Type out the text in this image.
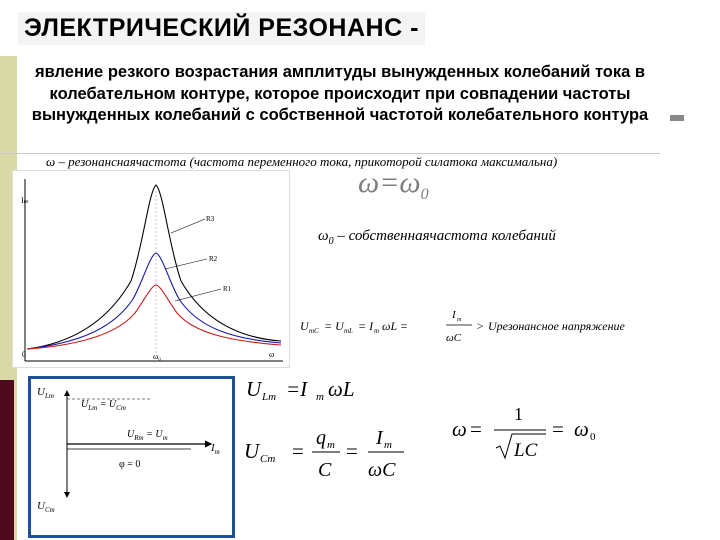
ЭЛЕКТРИЧЕСКИЙ РЕЗОНАНС -
явление резкого возрастания амплитуды вынужденных колебаний тока в колебательном контуре, которое происходит при совпадении частоты вынужденных колебаний с собственной частотой колебательного контура
ω – резонанснаячастота (частота переменного тока, прикоторой силатока максимальна)
$\omega=\omega_0$
Iₘ
0	ω₀	ω
R3
R2
R1
$\omega_0$ – собственнаячастота колебаний
U mC = U mL = I m ωL =
I m
ωC
> Uрезонансное напряжение
$U_{Lm}$
$U_{Lm} = U_{Cm}$
$U_{Rm} = U_m$
$I_m$
φ = 0
$U_{Cm}$
U Lm =I m ωL
U Cm =
q m
C
=
I m
ωC
ω =
1
LC
= ω 0
